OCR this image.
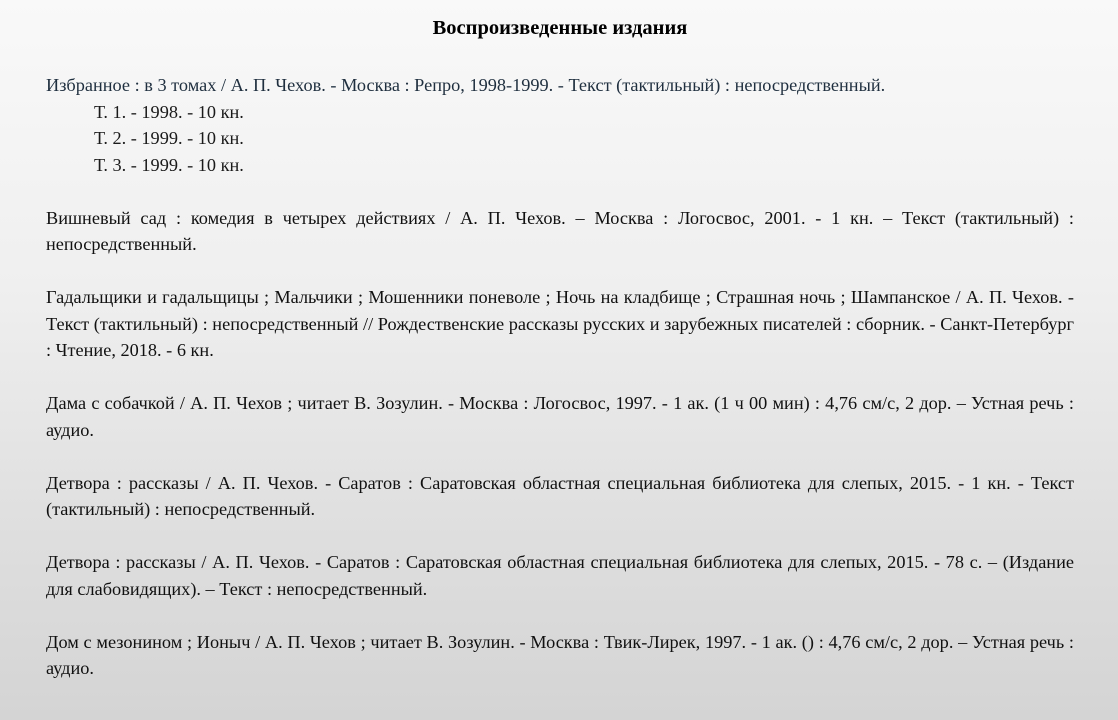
Воспроизведенные издания
Избранное : в 3 томах / А. П. Чехов. - Москва : Репро, 1998-1999. - Текст (тактильный) : непосредственный.
Т. 1. - 1998. - 10 кн.
Т. 2. - 1999. - 10 кн.
Т. 3. - 1999. - 10 кн.
Вишневый сад : комедия в четырех действиях / А. П. Чехов. – Москва : Логосвос, 2001. - 1 кн. – Текст (тактильный) : непосредственный.
Гадальщики и гадальщицы ; Мальчики ; Мошенники поневоле ; Ночь на кладбище ; Страшная ночь ; Шампанское / А. П. Чехов. - Текст (тактильный) : непосредственный // Рождественские рассказы русских и зарубежных писателей : сборник. - Санкт-Петербург : Чтение, 2018. - 6 кн.
Дама с собачкой / А. П. Чехов ; читает В. Зозулин. - Москва : Логосвос, 1997. - 1 ак. (1 ч 00 мин) : 4,76 см/с, 2 дор. – Устная речь : аудио.
Детвора : рассказы / А. П. Чехов. - Саратов : Саратовская областная специальная библиотека для слепых, 2015. - 1 кн. - Текст (тактильный) : непосредственный.
Детвора : рассказы / А. П. Чехов. - Саратов : Саратовская областная специальная библиотека для слепых, 2015. - 78 с. – (Издание для слабовидящих). – Текст : непосредственный.
Дом с мезонином ; Ионыч / А. П. Чехов ; читает В. Зозулин. - Москва : Твик-Лирек, 1997. - 1 ак. () : 4,76 см/с, 2 дор. – Устная речь : аудио.
